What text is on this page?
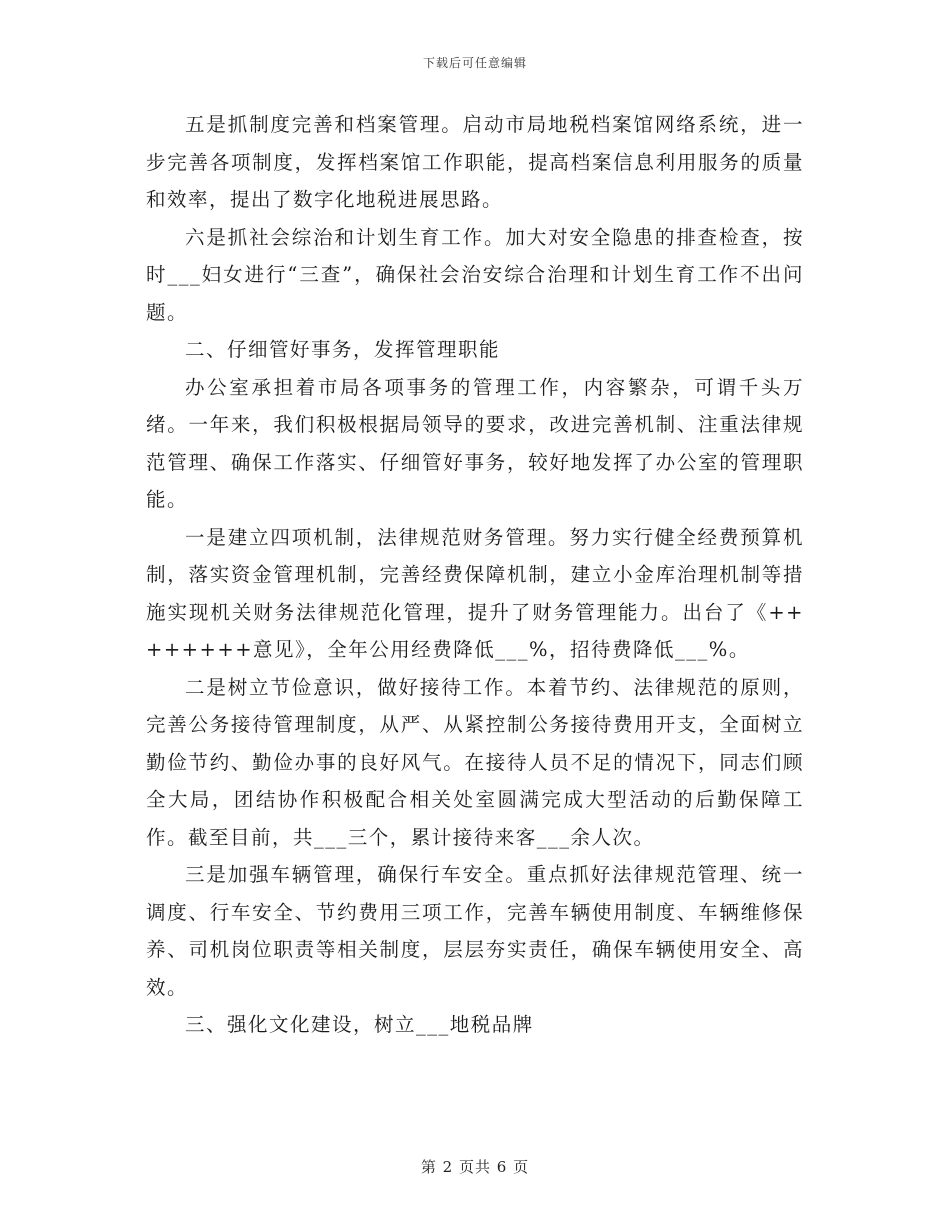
下载后可任意编辑

五是抓制度完善和档案管理。启动市局地税档案馆网络系统，进一步完善各项制度，发挥档案馆工作职能，提高档案信息利用服务的质量和效率，提出了数字化地税进展思路。

六是抓社会综治和计划生育工作。加大对安全隐患的排查检查，按时___妇女进行“三查”，确保社会治安综合治理和计划生育工作不出问题。

二、仔细管好事务，发挥管理职能

办公室承担着市局各项事务的管理工作，内容繁杂，可谓千头万绪。一年来，我们积极根据局领导的要求，改进完善机制、注重法律规范管理、确保工作落实、仔细管好事务，较好地发挥了办公室的管理职能。

一是建立四项机制，法律规范财务管理。努力实行健全经费预算机制，落实资金管理机制，完善经费保障机制，建立小金库治理机制等措施实现机关财务法律规范化管理，提升了财务管理能力。出台了《++++++++意见》，全年公用经费降低___%，招待费降低___%。

二是树立节俭意识，做好接待工作。本着节约、法律规范的原则，完善公务接待管理制度，从严、从紧控制公务接待费用开支，全面树立勤俭节约、勤俭办事的良好风气。在接待人员不足的情况下，同志们顾全大局，团结协作积极配合相关处室圆满完成大型活动的后勤保障工作。截至目前，共___三个，累计接待来客___余人次。

三是加强车辆管理，确保行车安全。重点抓好法律规范管理、统一调度、行车安全、节约费用三项工作，完善车辆使用制度、车辆维修保养、司机岗位职责等相关制度，层层夯实责任，确保车辆使用安全、高效。

三、强化文化建设，树立___地税品牌

第 2 页共 6 页
